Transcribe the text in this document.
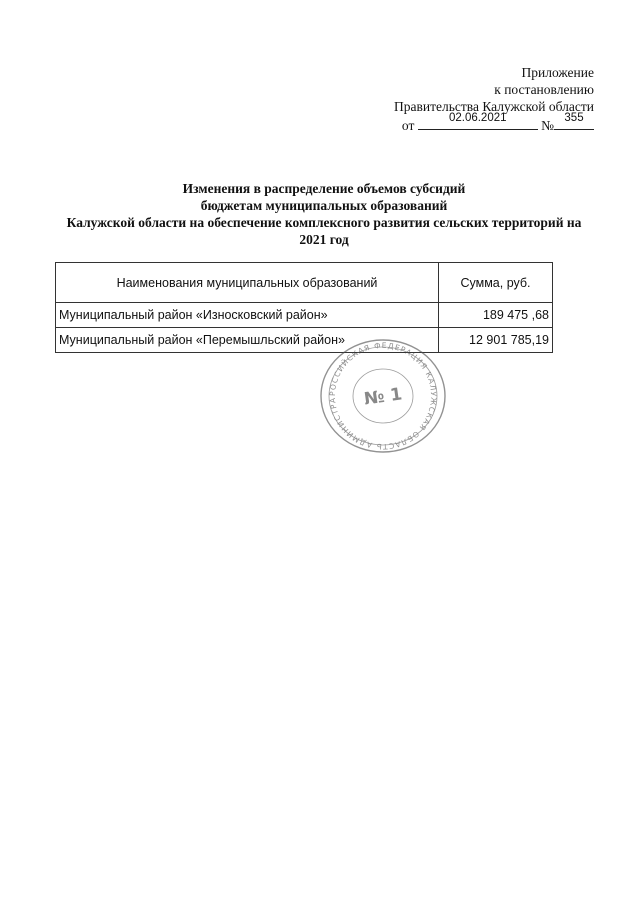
Приложение
к постановлению
Правительства Калужской области
от	02.06.2021	№ 355
Изменения в распределение объемов субсидий
бюджетам муниципальных образований
Калужской области на обеспечение комплексного развития сельских территорий на
2021 год
Наименования муниципальных образований	Сумма, руб.
Муниципальный район «Износковский район»	189 475 ,68
Муниципальный район «Перемышльский район»	12 901 785,19
РОССИЙСКАЯ ФЕДЕРАЦИЯ КАЛУЖСКАЯ ОБЛАСТЬ АДМИНИСТРА	№ 1
